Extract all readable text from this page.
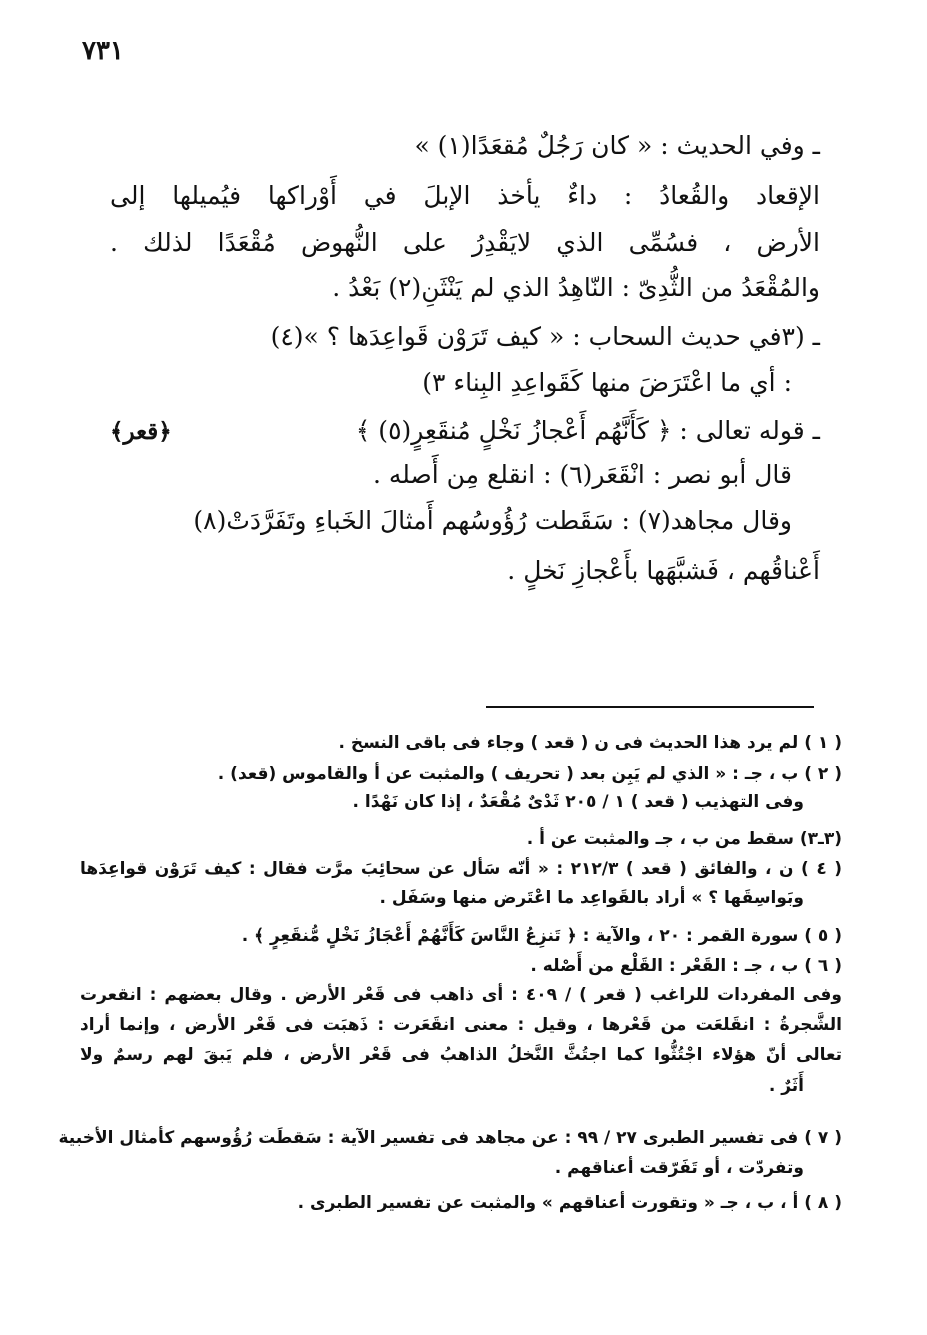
٧٣١
ـ وفي الحديث : « كان رَجُلٌ مُقعَدًا(١) »
الإقعاد والقُعادُ : داءٌ يأخذ الإبلَ في أَوْراكها فيُميلها إلى
الأرض ، فسُمِّى الذي لايَقْدِرُ على النُّهوض مُقْعَدًا لذلك .
والمُقْعَدُ من الثُّدِىّ : النّاهِدُ الذي لم يَنْثَنِ(٢) بَعْدُ .
ـ (٣في حديث السحاب : « كيف تَرَوْن قَواعِدَها ؟ »(٤)
: أي ما اعْتَرَضَ منها كَقَواعِدِ البِناء ٣)
ـ قوله تعالى : ﴿ كَأَنَّهُم أَعْجازُ نَخْلٍ مُنقَعِرٍ(٥) ﴾
قال أبو نصر : انْقَعَر(٦) : انقلع مِن أَصله .
وقال مجاهد(٧) : سَقَطت رُؤُوسُهم أَمثالَ الخَباءِ وتَفَرَّدَتْ(٨)
أَعْناقُهم ، فَشبَّهَها بأَعْجازِ نَخلٍ .
﴿قعر﴾
( ١ ) لم يرد هذا الحديث فى ن ( قعد ) وجاء فى باقى النسخ .
( ٢ ) ب ، جـ : « الذي لم يَبِن بعد ( تحريف ) والمثبت عن أ والقاموس (قعد) .
وفى التهذيب ( قعد ) ١ / ٢٠٥ ثَدْىٌ مُقْعَدٌ ، إذا كان نَهْدًا .
(٣ـ٣) سقط من ب ، جـ والمثبت عن أ .
( ٤ ) ن ، والفائق ( قعد ) ٢١٢/٣ : « أنّه سَأل عن سحائِبَ مرَّت فقال : كيف تَرَوْن قواعِدَها
وبَواسِقَها ؟ » أراد بالقَواعِد ما اعْتَرض منها وسَفَل .
( ٥ ) سورة القمر : ٢٠ ، والآية : ﴿ تَنزِعُ النَّاسَ كَأَنَّهُمْ أَعْجَازُ نَخْلٍ مُّنقَعِرٍ ﴾ .
( ٦ ) ب ، جـ : القَعْر : القَلْع من أَصْله .
وفى المفردات للراغب ( قعر ) / ٤٠٩ : أى ذاهب فى قَعْر الأرض . وقال بعضهم : انقعرت
الشَّجرةُ : انقَلعَت من قَعْرها ، وقيل : معنى انقَعَرت : ذَهبَت فى قَعْر الأرض ، وإنما أراد
تعالى أنّ هؤلاء اجْتُثُّوا كما اجتُثَّ النَّخلُ الذاهبُ فى قَعْر الأرض ، فلم يَبقَ لهم رسمٌ ولا
أَثَرٌ .
( ٧ ) فى تفسير الطبرى ٢٧ / ٩٩ : عن مجاهد فى تفسير الآية : سَقطَت رُؤُوسهم كأمثال الأخبية
وتفردّت ، أو تَفَرّقت أعناقهم .
( ٨ ) أ ، ب ، جـ « وتقورت أعناقهم » والمثبت عن تفسير الطبرى .
